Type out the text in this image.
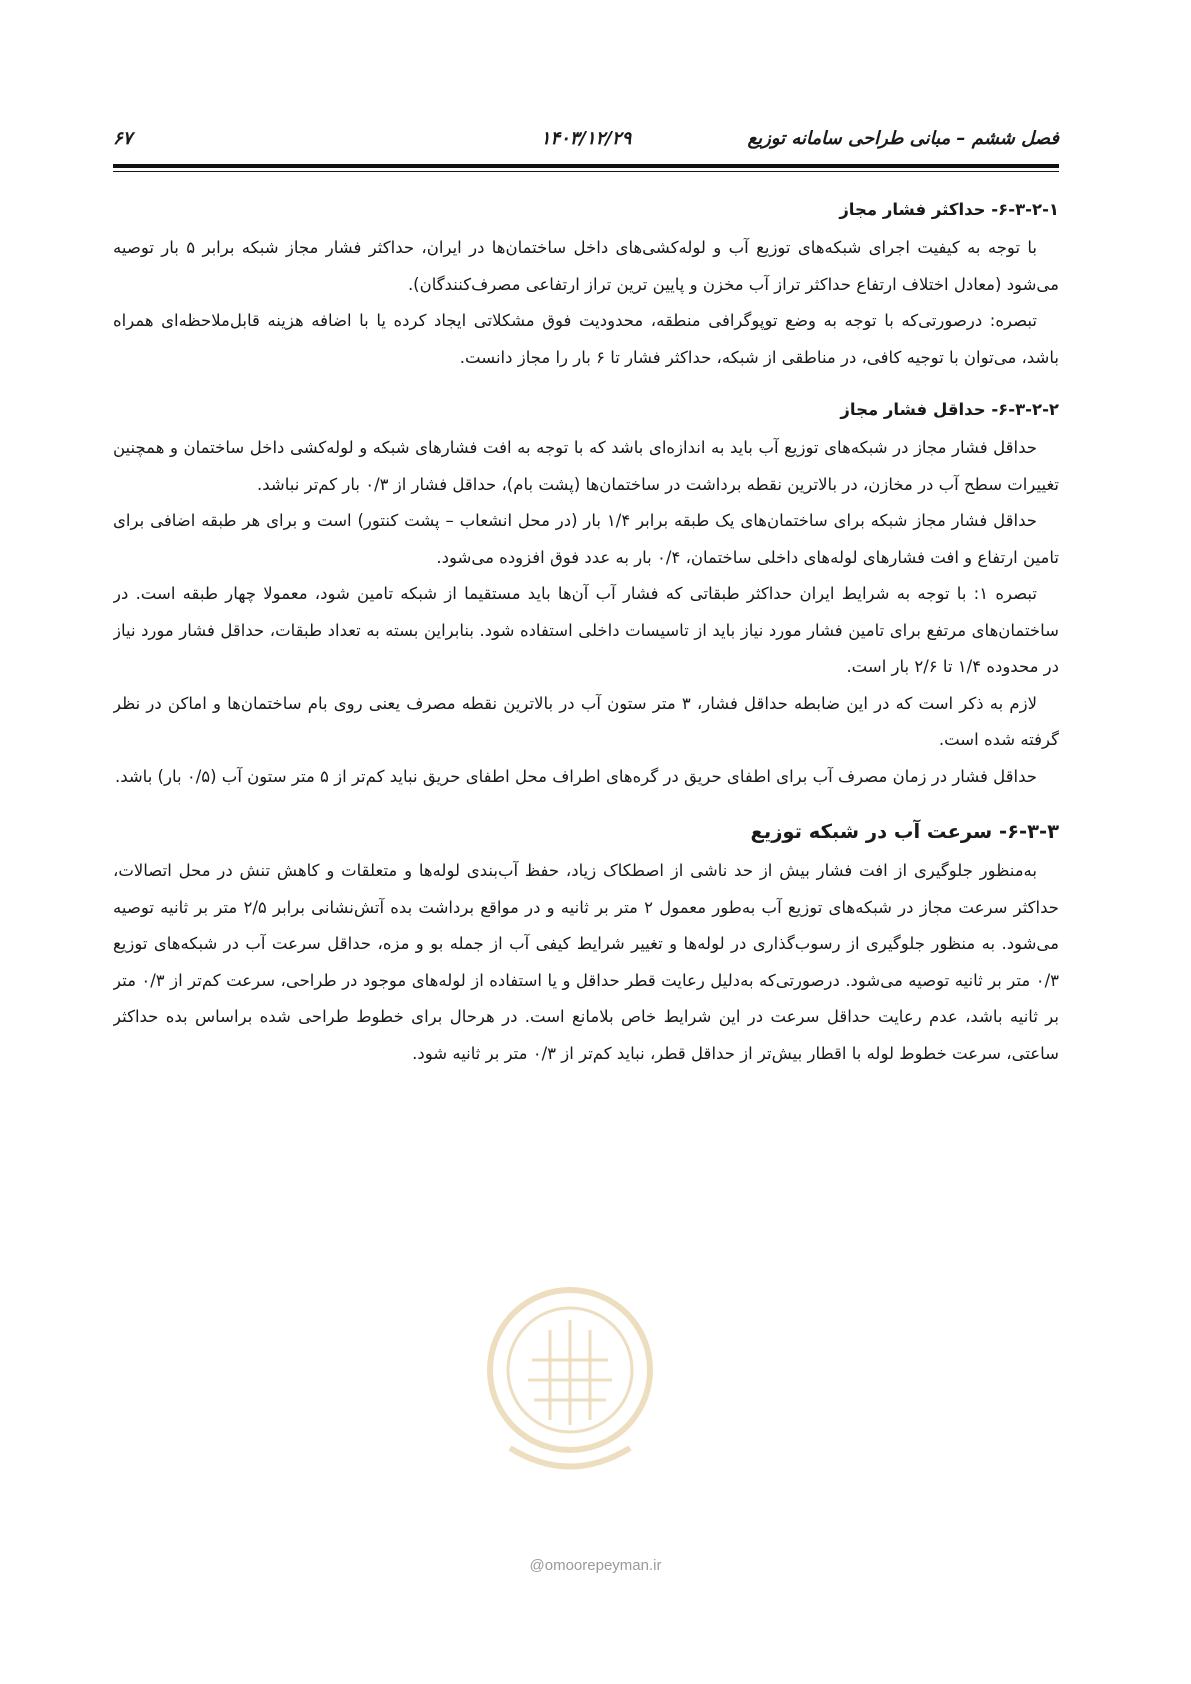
فصل ششم – مبانی طراحی سامانه توزیع
۱۴۰۳/۱۲/۲۹
۶۷
۶-۳-۲-۱- حداکثر فشار مجاز

با توجه به کیفیت اجرای شبکه‌های توزیع آب و لوله‌کشی‌های داخل ساختمان‌ها در ایران، حداکثر فشار مجاز شبکه برابر ۵ بار توصیه می‌شود (معادل اختلاف ارتفاع حداکثر تراز آب مخزن و پایین ترین تراز ارتفاعی مصرف‌کنندگان).

تبصره: درصورتی‌که با توجه به وضع توپوگرافی منطقه، محدودیت فوق مشکلاتی ایجاد کرده یا با اضافه هزینه قابل‌ملاحظه‌ای همراه باشد، می‌توان با توجیه کافی، در مناطقی از شبکه، حداکثر فشار تا ۶ بار را مجاز دانست.

۶-۳-۲-۲- حداقل فشار مجاز

حداقل فشار مجاز در شبکه‌های توزیع آب باید به اندازه‌ای باشد که با توجه به افت فشارهای شبکه و لوله‌کشی داخل ساختمان و همچنین تغییرات سطح آب در مخازن، در بالاترین نقطه برداشت در ساختمان‌ها (پشت بام)، حداقل فشار از ۰/۳ بار کم‌تر نباشد.

حداقل فشار مجاز شبکه برای ساختمان‌های یک طبقه برابر ۱/۴ بار (در محل انشعاب – پشت کنتور) است و برای هر طبقه اضافی برای تامین ارتفاع و افت فشارهای لوله‌های داخلی ساختمان، ۰/۴ بار به عدد فوق افزوده می‌شود.

تبصره ۱: با توجه به شرایط ایران حداکثر طبقاتی که فشار آب آن‌ها باید مستقیما از شبکه تامین شود، معمولا چهار طبقه است. در ساختمان‌های مرتفع برای تامین فشار مورد نیاز باید از تاسیسات داخلی استفاده شود. بنابراین بسته به تعداد طبقات، حداقل فشار مورد نیاز در محدوده ۱/۴ تا ۲/۶ بار است.

لازم به ذکر است که در این ضابطه حداقل فشار، ۳ متر ستون آب در بالاترین نقطه مصرف یعنی روی بام ساختمان‌ها و اماکن در نظر گرفته شده است.

حداقل فشار در زمان مصرف آب برای اطفای حریق در گره‌های اطراف محل اطفای حریق نباید کم‌تر از ۵ متر ستون آب (۰/۵ بار) باشد.

۶-۳-۳- سرعت آب در شبکه توزیع

به‌منظور جلوگیری از افت فشار بیش از حد ناشی از اصطکاک زیاد، حفظ آب‌بندی لوله‌ها و متعلقات و کاهش تنش در محل اتصالات، حداکثر سرعت مجاز در شبکه‌های توزیع آب به‌طور معمول ۲ متر بر ثانیه و در مواقع برداشت بده آتش‌نشانی برابر ۲/۵ متر بر ثانیه توصیه می‌شود. به منظور جلوگیری از رسوب‌گذاری در لوله‌ها و تغییر شرایط کیفی آب از جمله بو و مزه، حداقل سرعت آب در شبکه‌های توزیع ۰/۳ متر بر ثانیه توصیه می‌شود. درصورتی‌که به‌دلیل رعایت قطر حداقل و یا استفاده از لوله‌های موجود در طراحی، سرعت کم‌تر از ۰/۳ متر بر ثانیه باشد، عدم رعایت حداقل سرعت در این شرایط خاص بلامانع است. در هرحال برای خطوط طراحی شده براساس بده حداکثر ساعتی، سرعت خطوط لوله با اقطار بیش‌تر از حداقل قطر، نباید کم‌تر از ۰/۳ متر بر ثانیه شود.

@omoorepeyman.ir
